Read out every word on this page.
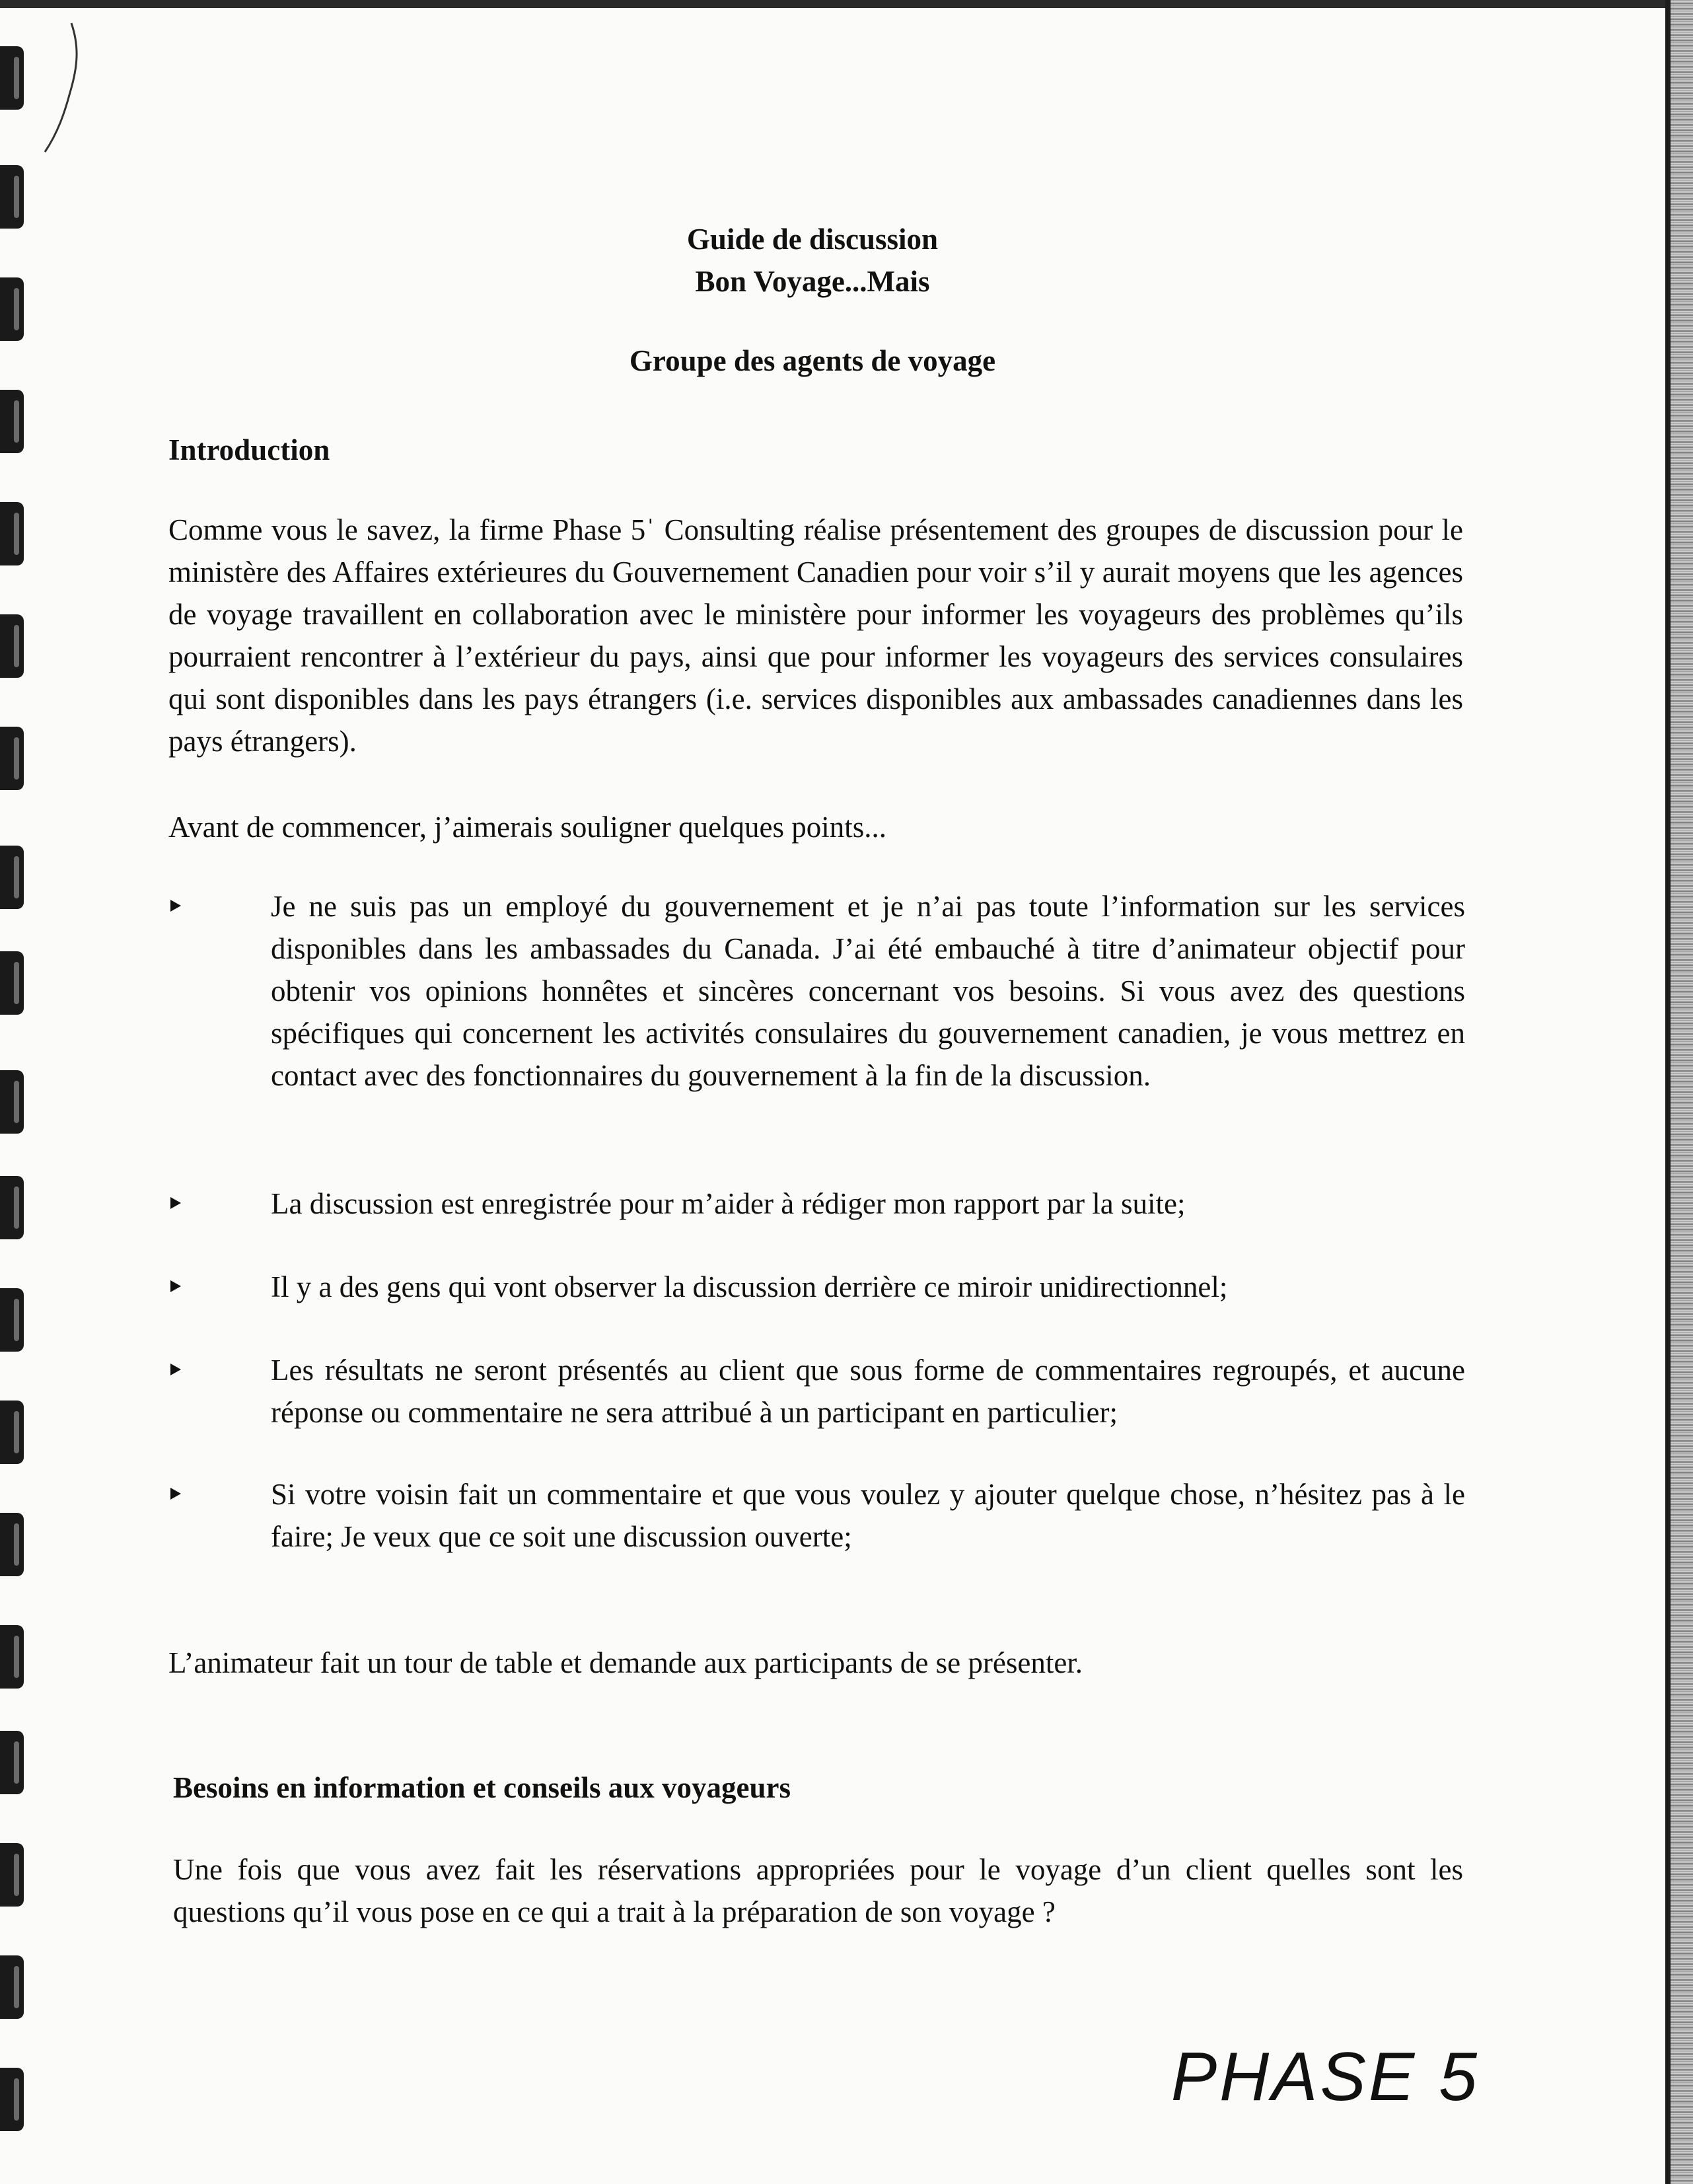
Guide de discussion
Bon Voyage...Mais
Groupe des agents de voyage
Introduction
Comme vous le savez, la firme Phase 5ˈ Consulting réalise présentement des groupes de discussion pour le ministère des Affaires extérieures du Gouvernement Canadien pour voir s’il y aurait moyens que les agences de voyage travaillent en collaboration avec le ministère pour informer les voyageurs des problèmes qu’ils pourraient rencontrer à l’extérieur du pays, ainsi que pour informer les voyageurs des services consulaires qui sont disponibles dans les pays étrangers (i.e. services disponibles aux ambassades canadiennes dans les pays étrangers).
Avant de commencer, j’aimerais souligner quelques points...
Je ne suis pas un employé du gouvernement et je n’ai pas toute l’information sur les services disponibles dans les ambassades du Canada. J’ai été embauché à titre d’animateur objectif pour obtenir vos opinions honnêtes et sincères concernant vos besoins. Si vous avez des questions spécifiques qui concernent les activités consulaires du gouvernement canadien, je vous mettrez en contact avec des fonctionnaires du gouvernement à la fin de la discussion.
La discussion est enregistrée pour m’aider à rédiger mon rapport par la suite;
Il y a des gens qui vont observer la discussion derrière ce miroir unidirectionnel;
Les résultats ne seront présentés au client que sous forme de commentaires regroupés, et aucune réponse ou commentaire ne sera attribué à un participant en particulier;
Si votre voisin fait un commentaire et que vous voulez y ajouter quelque chose, n’hésitez pas à le faire; Je veux que ce soit une discussion ouverte;
L’animateur fait un tour de table et demande aux participants de se présenter.
Besoins en information et conseils aux voyageurs
Une fois que vous avez fait les réservations appropriées pour le voyage d’un client quelles sont les questions qu’il vous pose en ce qui a trait à la préparation de son voyage ?
PHASE 5
